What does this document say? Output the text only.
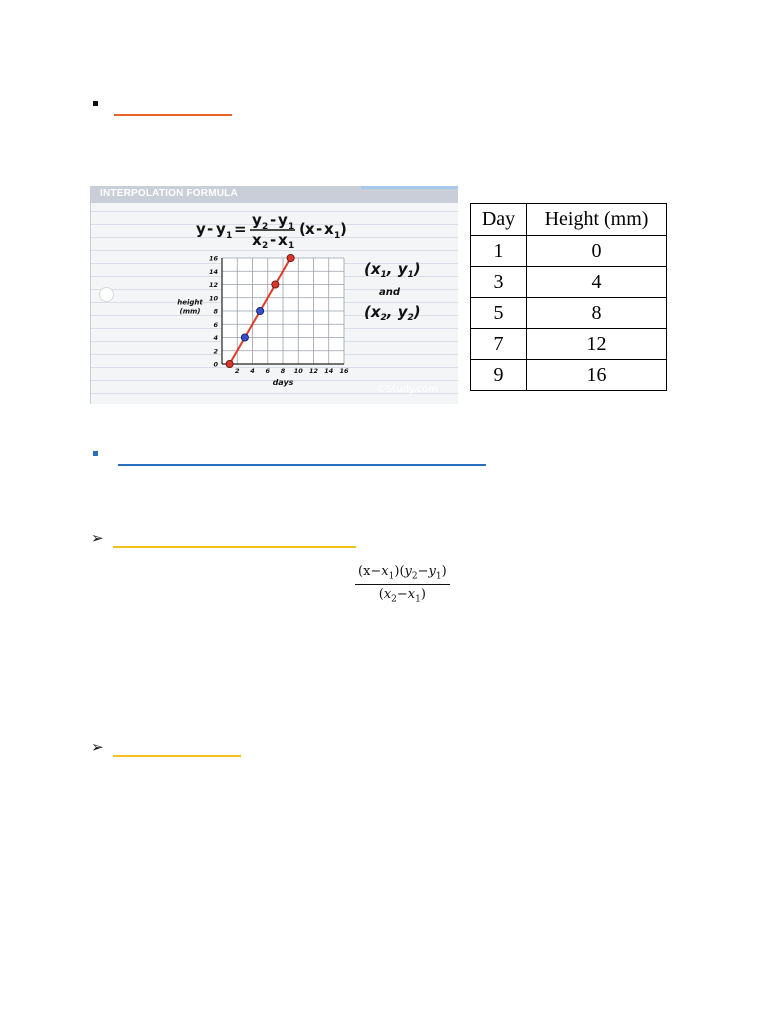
INTERPOLATION FORMULA
y - y 1 = y 2 - y 1
x 2 - x 1
( x - x 1 )
2 4 6 8 10 12 14 16
0
2
4
6
8
10
12
14
16
days
height
(mm)
©Study.com
($x_1$, $y_1$)
and
($x_2$, $y_2$)
Day	Height (mm)
1	0
3	4
5	8
7	12
9	16
➢
$\frac{(x-x_1)(y_2-y_1)}{(x_2-x_1)}$
➢
